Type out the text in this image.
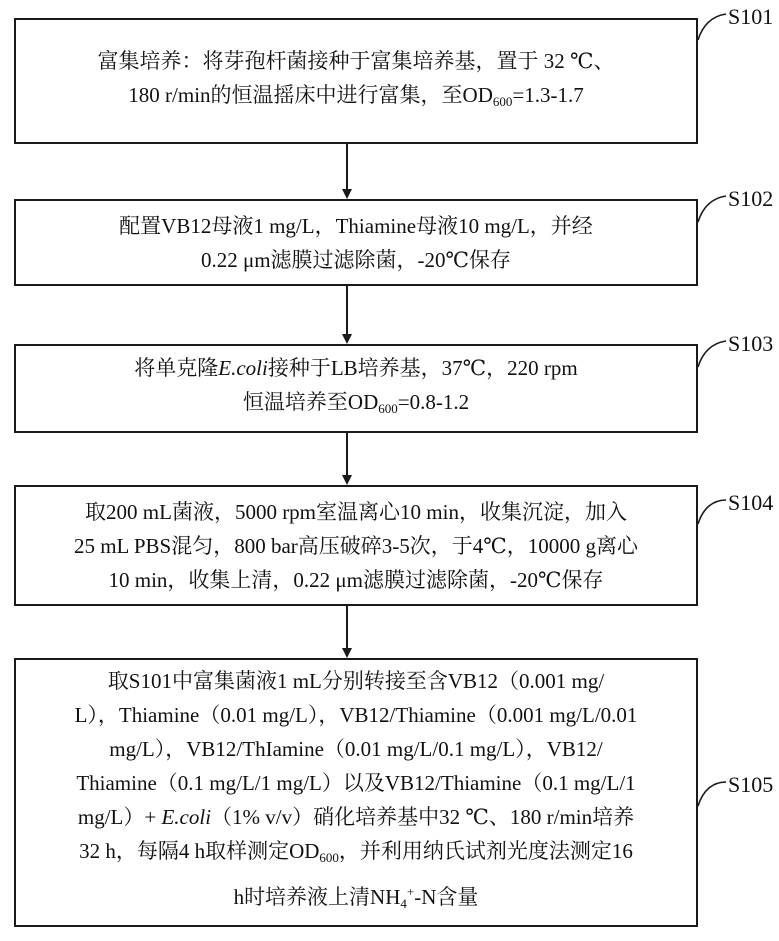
富集培养：将芽孢杆菌接种于富集培养基，置于 32 ℃、
180 r/min的恒温摇床中进行富集，至$OD_{600}=1.3-1.7$
配置VB12母液1 mg/L，Thiamine母液10 mg/L，并经
0.22 μm滤膜过滤除菌，-20℃保存
将单克隆E.coli接种于LB培养基，37℃，220 rpm
恒温培养至$OD_{600}=0.8-1.2$
取200 mL菌液，5000 rpm室温离心10 min，收集沉淀，加入
25 mL PBS混匀，800 bar高压破碎3-5次，于4℃，10000 g离心
10 min，收集上清，0.22 μm滤膜过滤除菌，-20℃保存
取S101中富集菌液1 mL分别转接至含VB12（0.001 mg/
L），Thiamine（0.01 mg/L），VB12/Thiamine（0.001 mg/L/0.01
mg/L），VB12/ThIamine（0.01 mg/L/0.1 mg/L），VB12/
Thiamine（0.1 mg/L/1 mg/L）以及VB12/Thiamine（0.1 mg/L/1
mg/L）+ E.coli（1% v/v）硝化培养基中32 ℃、180 r/min培养
32 h，每隔4 h取样测定$OD_{600}$，并利用纳氏试剂光度法测定16
h时培养液上清$NH_4^+-N$含量
S101
S102
S103
S104
S105
